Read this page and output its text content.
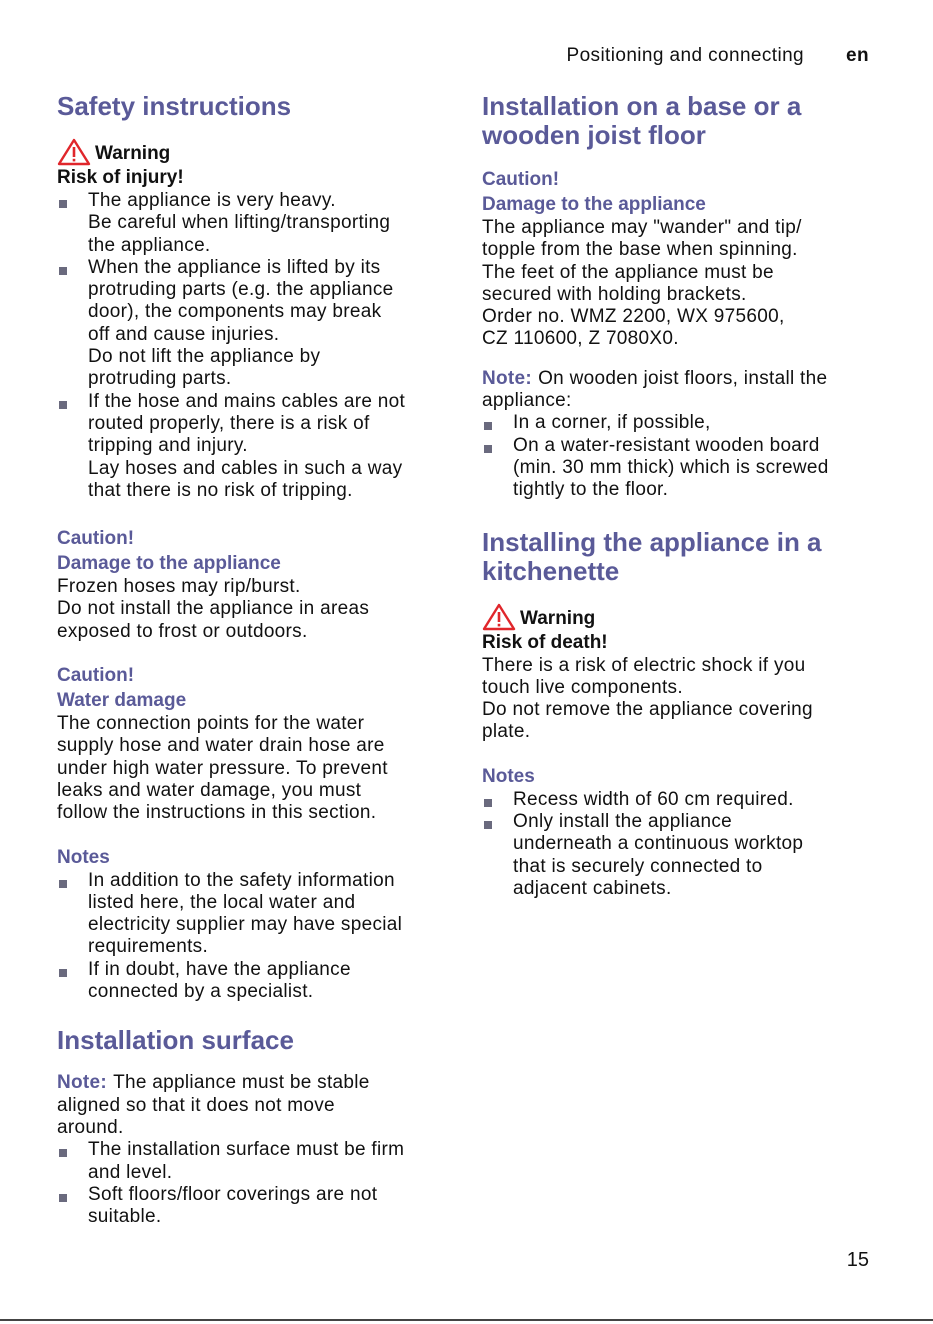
Positioning and connecting en
Safety instructions
Warning
Risk of injury!
The appliance is very heavy.
Be careful when lifting/transporting
the appliance.
When the appliance is lifted by its
protruding parts (e.g. the appliance
door), the components may break
off and cause injuries.
Do not lift the appliance by
protruding parts.
If the hose and mains cables are not
routed properly, there is a risk of
tripping and injury.
Lay hoses and cables in such a way
that there is no risk of tripping.
Caution!
Damage to the appliance

Frozen hoses may rip/burst.

Do not install the appliance in areas

exposed to frost or outdoors.

Caution!
Water damage

The connection points for the water

supply hose and water drain hose are

under high water pressure. To prevent

leaks and water damage, you must

follow the instructions in this section.

Notes
In addition to the safety information
listed here, the local water and
electricity supplier may have special
requirements.
If in doubt, have the appliance
connected by a specialist.
Installation surface

Note: The appliance must be stable

aligned so that it does not move

around.

The installation surface must be firm
and level.
Soft floors/floor coverings are not
suitable.
Installation on a base or a
wooden joist floor
Caution!
Damage to the appliance

The appliance may "wander" and tip/

topple from the base when spinning.

The feet of the appliance must be

secured with holding brackets.

Order no. WMZ 2200, WX 975600,

CZ 110600, Z 7080X0.

Note: On wooden joist floors, install the

appliance:

In a corner, if possible,
On a water-resistant wooden board
(min. 30 mm thick) which is screwed
tightly to the floor.
Installing the appliance in a
kitchenette
Warning
Risk of death!

There is a risk of electric shock if you

touch live components.

Do not remove the appliance covering

plate.

Notes
Recess width of 60 cm required.
Only install the appliance
underneath a continuous worktop
that is securely connected to
adjacent cabinets.
15
